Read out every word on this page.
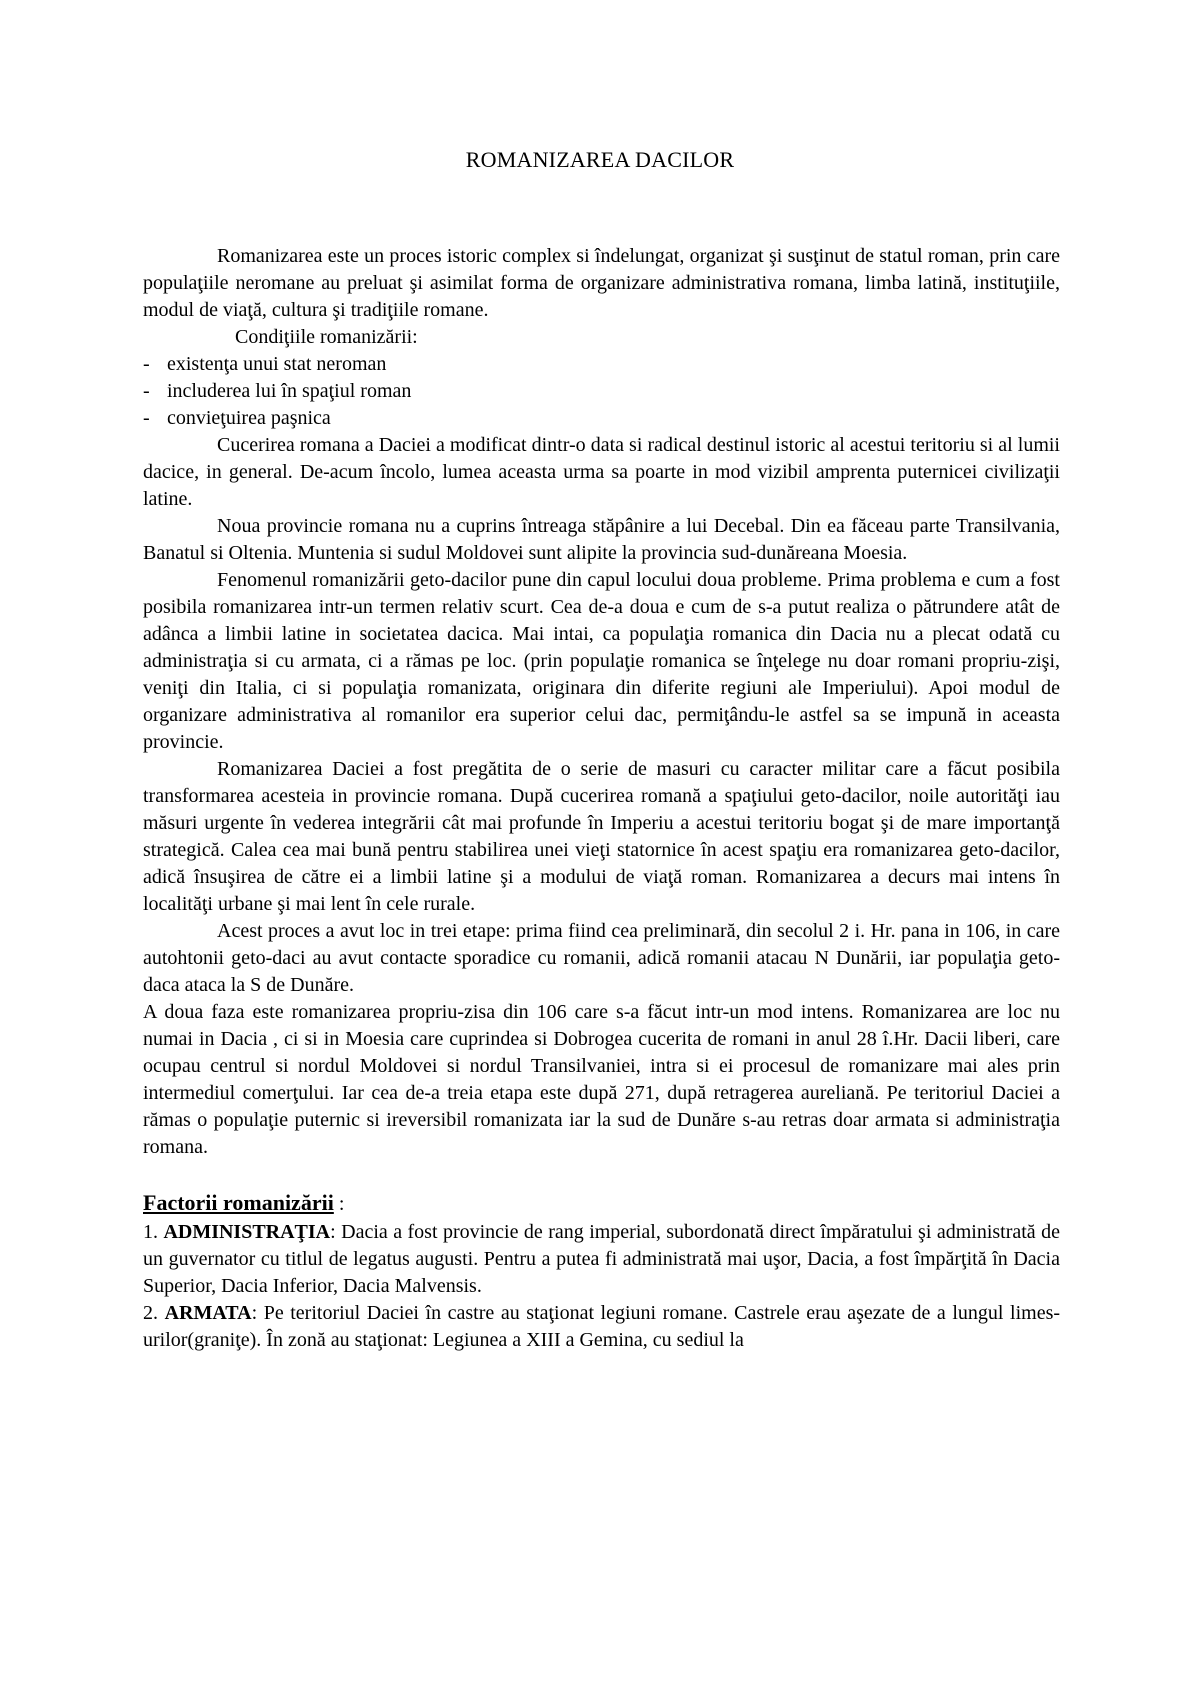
ROMANIZAREA DACILOR

Romanizarea este un proces istoric complex si îndelungat, organizat şi susţinut de statul roman, prin care populaţiile neromane au preluat şi asimilat forma de organizare administrativa romana, limba latină, instituţiile, modul de viaţă, cultura şi tradiţiile romane.

Condiţiile romanizării:

- existenţa unui stat neroman
- includerea lui în spaţiul roman
- convieţuirea paşnica

Cucerirea romana a Daciei a modificat dintr-o data si radical destinul istoric al acestui teritoriu si al lumii dacice, in general. De-acum încolo, lumea aceasta urma sa poarte in mod vizibil amprenta puternicei civilizaţii latine.

Noua provincie romana nu a cuprins întreaga stăpânire a lui Decebal. Din ea făceau parte Transilvania, Banatul si Oltenia. Muntenia si sudul Moldovei sunt alipite la provincia sud-dunăreana Moesia.

Fenomenul romanizării geto-dacilor pune din capul locului doua probleme. Prima problema e cum a fost posibila romanizarea intr-un termen relativ scurt. Cea de-a doua e cum de s-a putut realiza o pătrundere atât de adânca a limbii latine in societatea dacica. Mai intai, ca populaţia romanica din Dacia nu a plecat odată cu administraţia si cu armata, ci a rămas pe loc. (prin populaţie romanica se înţelege nu doar romani propriu-zişi, veniţi din Italia, ci si populaţia romanizata, originara din diferite regiuni ale Imperiului). Apoi modul de organizare administrativa al romanilor era superior celui dac, permiţându-le astfel sa se impună in aceasta provincie.

Romanizarea Daciei a fost pregătita de o serie de masuri cu caracter militar care a făcut posibila transformarea acesteia in provincie romana. După cucerirea romană a spaţiului geto-dacilor, noile autorităţi iau măsuri urgente în vederea integrării cât mai profunde în Imperiu a acestui teritoriu bogat şi de mare importanţă strategică. Calea cea mai bună pentru stabilirea unei vieţi statornice în acest spaţiu era romanizarea geto-dacilor, adică însuşirea de către ei a limbii latine şi a modului de viaţă roman. Romanizarea a decurs mai intens în localităţi urbane şi mai lent în cele rurale.

Acest proces a avut loc in trei etape: prima fiind cea preliminară, din secolul 2 i. Hr. pana in 106, in care autohtonii geto-daci au avut contacte sporadice cu romanii, adică romanii atacau N Dunării, iar populaţia geto-daca ataca la S de Dunăre.

A doua faza este romanizarea propriu-zisa din 106 care s-a făcut intr-un mod intens. Romanizarea are loc nu numai in Dacia , ci si in Moesia care cuprindea si Dobrogea cucerita de romani in anul 28 î.Hr. Dacii liberi, care ocupau centrul si nordul Moldovei si nordul Transilvaniei, intra si ei procesul de romanizare mai ales prin intermediul comerţului. Iar cea de-a treia etapa este după 271, după retragerea aureliană. Pe teritoriul Daciei a rămas o populaţie puternic si ireversibil romanizata iar la sud de Dunăre s-au retras doar armata si administraţia romana.

Factorii romanizării :

1. ADMINISTRAŢIA: Dacia a fost provincie de rang imperial, subordonată direct împăratului şi administrată de un guvernator cu titlul de legatus augusti. Pentru a putea fi administrată mai uşor, Dacia, a fost împărţită în Dacia Superior, Dacia Inferior, Dacia Malvensis.

2. ARMATA: Pe teritoriul Daciei în castre au staţionat legiuni romane. Castrele erau aşezate de a lungul limes-urilor(graniţe). În zonă au staţionat: Legiunea a XIII a Gemina, cu sediul la
